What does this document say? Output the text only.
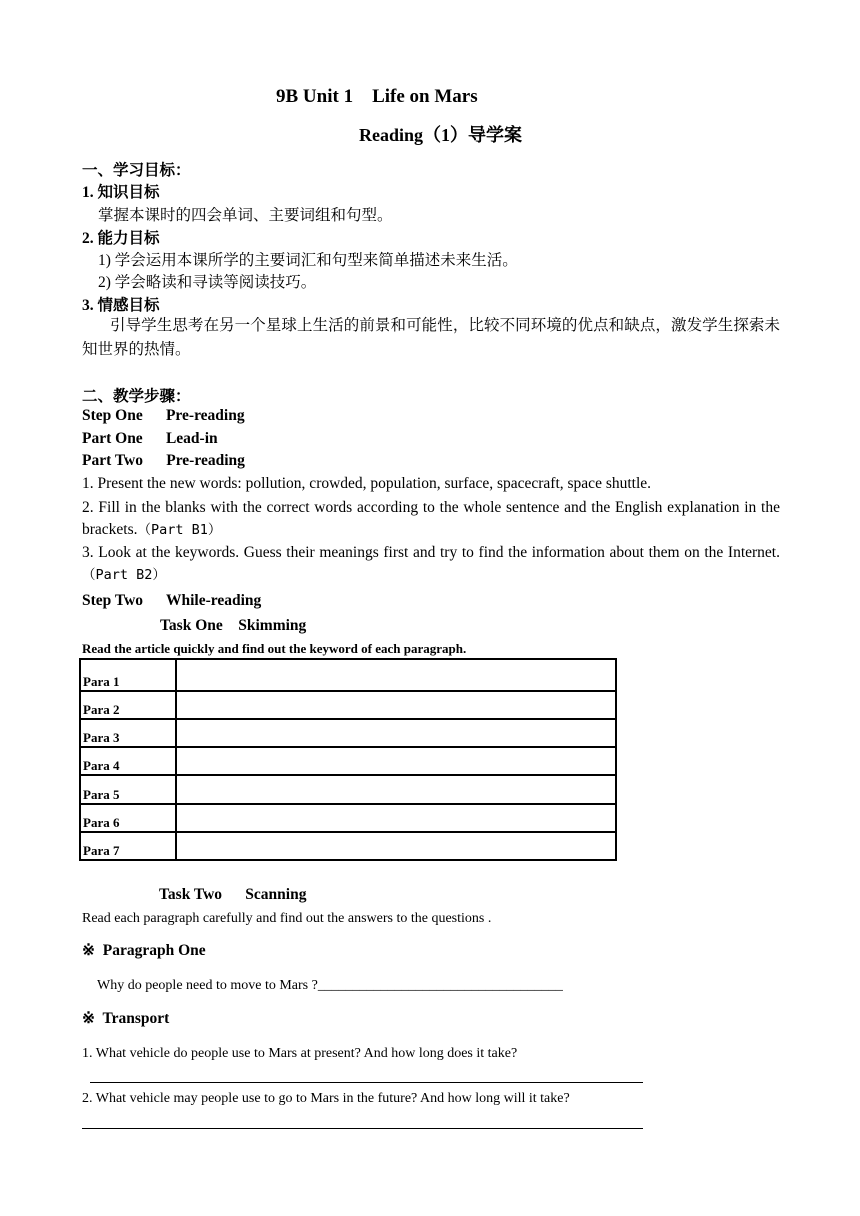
9B Unit 1    Life on Mars
Reading（1）导学案
一、学习目标：
1. 知识目标
掌握本课时的四会单词、主要词组和句型。
2. 能力目标
1) 学会运用本课所学的主要词汇和句型来简单描述未来生活。
2) 学会略读和寻读等阅读技巧。
3. 情感目标
引导学生思考在另一个星球上生活的前景和可能性，比较不同环境的优点和缺点，激发学生探索未知世界的热情。
二、教学步骤：
Step One      Pre-reading
Part One      Lead-in
Part Two      Pre-reading
1. Present the new words: pollution, crowded, population, surface, spacecraft, space shuttle.
2. Fill in the blanks with the correct words according to the whole sentence and the English explanation in the brackets.（Part B1）
3. Look at the keywords. Guess their meanings first and try to find the information about them on the Internet.（Part B2）
Step Two      While-reading
Task One    Skimming
Read the article quickly and find out the keyword of each paragraph.
Para 1	
Para 2	
Para 3	
Para 4	
Para 5	
Para 6	
Para 7	
Task Two      Scanning
Read each paragraph carefully and find out the answers to the questions .
※  Paragraph One
Why do people need to move to Mars ?___________________________________
※  Transport
1. What vehicle do people use to Mars at present? And how long does it take?
2. What vehicle may people use to go to Mars in the future? And how long will it take?
